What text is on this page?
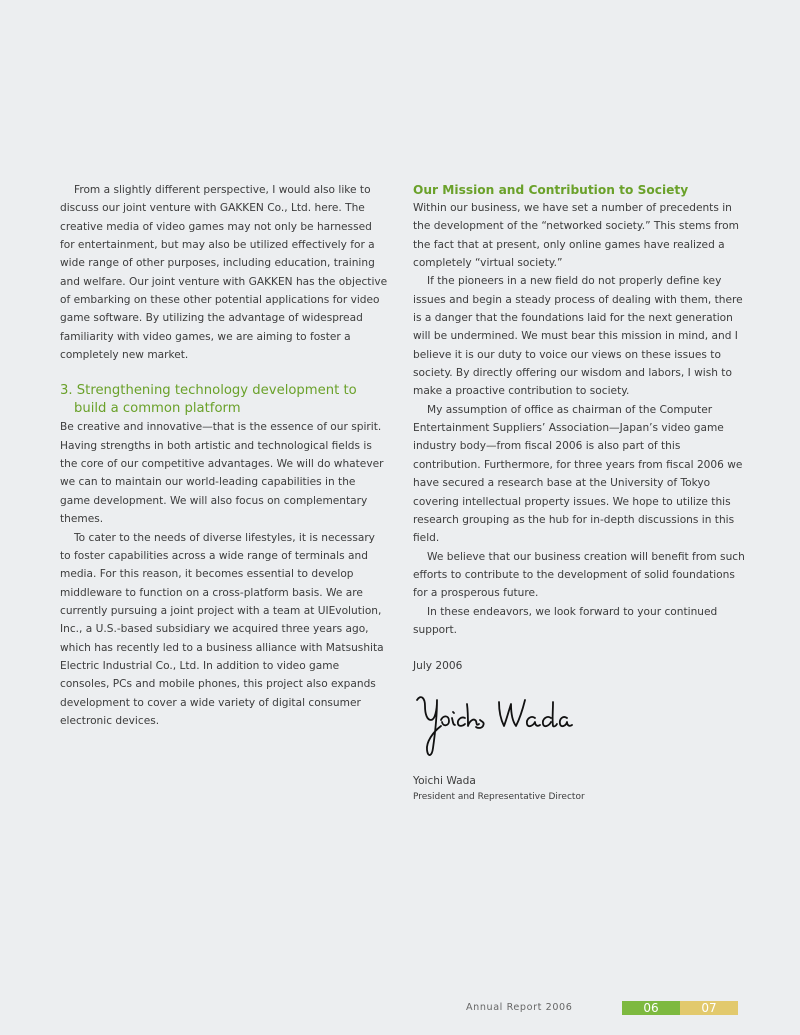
From a slightly different perspective, I would also like to discuss our joint venture with GAKKEN Co., Ltd. here. The creative media of video games may not only be harnessed for entertainment, but may also be utilized effectively for a wide range of other purposes, including education, training and welfare. Our joint venture with GAKKEN has the objective of embarking on these other potential applications for video game software. By utilizing the advantage of widespread familiarity with video games, we are aiming to foster a completely new market.

3. Strengthening technology development to build a common platform

Be creative and innovative—that is the essence of our spirit. Having strengths in both artistic and technological fields is the core of our competitive advantages. We will do whatever we can to maintain our world-leading capabilities in the game development. We will also focus on complementary themes.

To cater to the needs of diverse lifestyles, it is necessary to foster capabilities across a wide range of terminals and media. For this reason, it becomes essential to develop middleware to function on a cross-platform basis. We are currently pursuing a joint project with a team at UIEvolution, Inc., a U.S.-based subsidiary we acquired three years ago, which has recently led to a business alliance with Matsushita Electric Industrial Co., Ltd. In addition to video game consoles, PCs and mobile phones, this project also expands development to cover a wide variety of digital consumer electronic devices.

Our Mission and Contribution to Society

Within our business, we have set a number of precedents in the development of the “networked society.” This stems from the fact that at present, only online games have realized a completely “virtual society.”

If the pioneers in a new field do not properly define key issues and begin a steady process of dealing with them, there is a danger that the foundations laid for the next generation will be undermined. We must bear this mission in mind, and I believe it is our duty to voice our views on these issues to society. By directly offering our wisdom and labors, I wish to make a proactive contribution to society.

My assumption of office as chairman of the Computer Entertainment Suppliers’ Association—Japan’s video game industry body—from fiscal 2006 is also part of this contribution. Furthermore, for three years from fiscal 2006 we have secured a research base at the University of Tokyo covering intellectual property issues. We hope to utilize this research grouping as the hub for in-depth discussions in this field.

We believe that our business creation will benefit from such efforts to contribute to the development of solid foundations for a prosperous future.

In these endeavors, we look forward to your continued support.

July 2006

Yoichi Wada

President and Representative Director

Annual Report 2006	06	07
